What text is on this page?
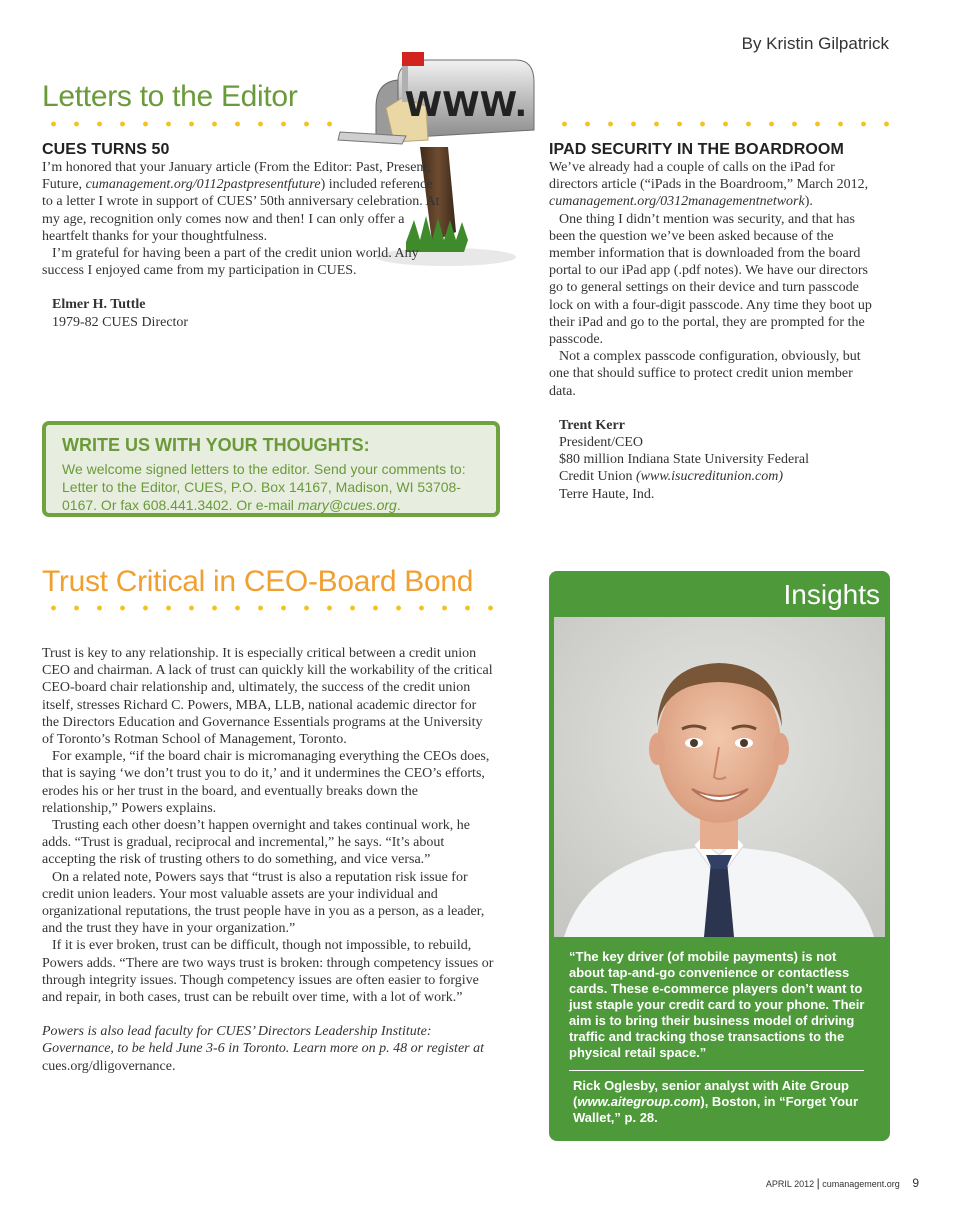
By Kristin Gilpatrick
Letters to the Editor	WWW.
CUES TURNS 50

I’m honored that your January article (From the Editor: Past, Present, Future, cumanagement.org/0112pastpresentfuture) included reference to a letter I wrote in support of CUES’ 50th anniversary celebration. At my age, recognition only comes now and then! I can only offer a heartfelt thanks for your thoughtfulness.

I’m grateful for having been a part of the credit union world. Any success I enjoyed came from my participation in CUES.

Elmer H. Tuttle
1979-82 CUES Director
IPAD SECURITY IN THE BOARDROOM

We’ve already had a couple of calls on the iPad for directors article (“iPads in the Boardroom,” March 2012, cumanagement.org/0312managementnetwork).

One thing I didn’t mention was security, and that has been the question we’ve been asked because of the member information that is downloaded from the board portal to our iPad app (.pdf notes). We have our directors go to general settings on their device and turn passcode lock on with a four-digit passcode. Any time they boot up their iPad and go to the portal, they are prompted for the passcode.

Not a complex passcode configuration, obviously, but one that should suffice to protect credit union member data.

Trent Kerr
President/CEO
$80 million Indiana State University Federal
Credit Union (www.isucreditunion.com)
Terre Haute, Ind.
WRITE US WITH YOUR THOUGHTS:
We welcome signed letters to the editor. Send your comments to: Letter to the Editor, CUES, P.O. Box 14167, Madison, WI 53708-0167. Or fax 608.441.3402. Or e-mail mary@cues.org.
Trust Critical in CEO-Board Bond

Trust is key to any relationship. It is especially critical between a credit union CEO and chairman. A lack of trust can quickly kill the workability of the critical CEO-board chair relationship and, ultimately, the success of the credit union itself, stresses Richard C. Powers, MBA, LLB, national academic director for the Directors Education and Governance Essentials programs at the University of Toronto’s Rotman School of Management, Toronto.

For example, “if the board chair is micromanaging everything the CEOs does, that is saying ‘we don’t trust you to do it,’ and it undermines the CEO’s efforts, erodes his or her trust in the board, and eventually breaks down the relationship,” Powers explains.

Trusting each other doesn’t happen overnight and takes continual work, he adds. “Trust is gradual, reciprocal and incremental,” he says. “It’s about accepting the risk of trusting others to do something, and vice versa.”

On a related note, Powers says that “trust is also a reputation risk issue for credit union leaders. Your most valuable assets are your individual and organizational reputations, the trust people have in you as a person, as a leader, and the trust they have in your organization.”

If it is ever broken, trust can be difficult, though not impossible, to rebuild, Powers adds. “There are two ways trust is broken: through competency issues or through integrity issues. Though competency issues are often easier to forgive and repair, in both cases, trust can be rebuilt over time, with a lot of work.”

Powers is also lead faculty for CUES’ Directors Leadership Institute: Governance, to be held June 3-6 in Toronto. Learn more on p. 48 or register at cues.org/dligovernance.

Insights
“The key driver (of mobile payments) is not about tap-and-go convenience or contactless cards. These e-commerce players don’t want to just staple your credit card to your phone. Their aim is to bring their business model of driving traffic and tracking those transactions to the physical retail space.”
Rick Oglesby, senior analyst with Aite Group (www.aitegroup.com), Boston, in “Forget Your Wallet,” p. 28.
APRIL 2012 | cumanagement.org 9
